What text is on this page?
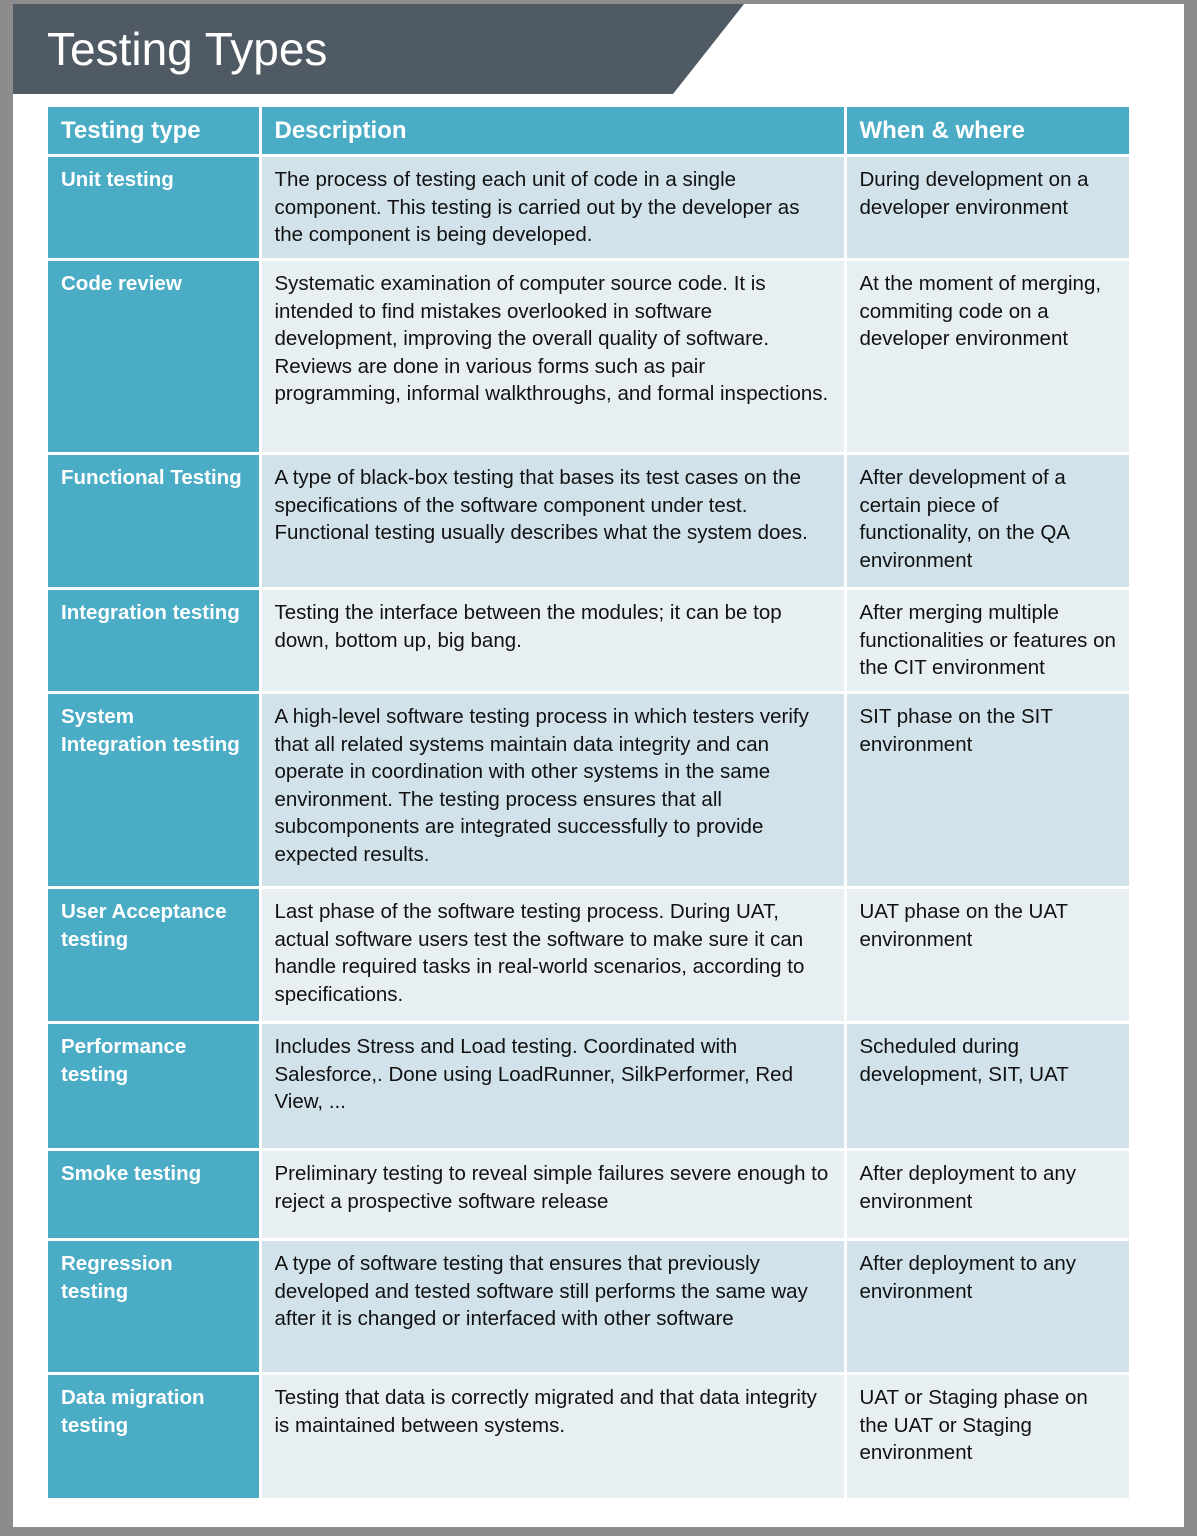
Testing Types
Testing type	Description	When & where
Unit testing	The process of testing each unit of code in a single component. This testing is carried out by the developer as the component is being developed.	During development on a developer environment
Code review	Systematic examination of computer source code. It is intended to find mistakes overlooked in software development, improving the overall quality of software. Reviews are done in various forms such as pair programming, informal walkthroughs, and formal inspections.	At the moment of merging, commiting code on a developer environment
Functional Testing	A type of black-box testing that bases its test cases on the specifications of the software component under test. Functional testing usually describes what the system does.	After development of a certain piece of functionality, on the QA environment
Integration testing	Testing the interface between the modules; it can be top down, bottom up, big bang.	After merging multiple functionalities or features on the CIT environment
System Integration testing	A high-level software testing process in which testers verify that all related systems maintain data integrity and can operate in coordination with other systems in the same environment. The testing process ensures that all subcomponents are integrated successfully to provide expected results.	SIT phase on the SIT environment
User Acceptance testing	Last phase of the software testing process. During UAT, actual software users test the software to make sure it can handle required tasks in real-world scenarios, according to specifications.	UAT phase on the UAT environment
Performance testing	Includes Stress and Load testing. Coordinated with Salesforce,. Done using LoadRunner, SilkPerformer, Red View, ...	Scheduled during development, SIT, UAT
Smoke testing	Preliminary testing to reveal simple failures severe enough to reject a prospective software release	After deployment to any environment
Regression testing	A type of software testing that ensures that previously developed and tested software still performs the same way after it is changed or interfaced with other software	After deployment to any environment
Data migration testing	Testing that data is correctly migrated and that data integrity is maintained between systems.	UAT or Staging phase on the UAT or Staging environment
